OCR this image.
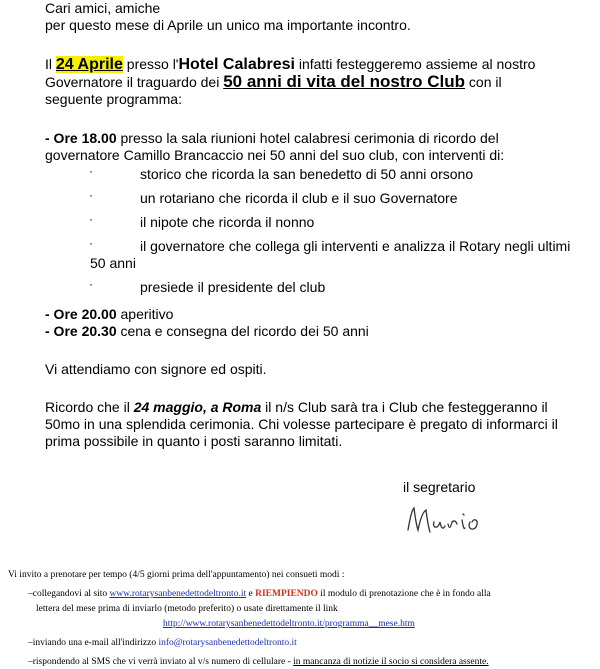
Cari amici, amiche
per questo mese di Aprile un unico ma importante incontro.
Il 24 Aprile presso l'Hotel Calabresi infatti festeggeremo assieme al nostro
Governatore il traguardo dei 50 anni di vita del nostro Club con il
seguente programma:
- Ore 18.00 presso la sala riunioni hotel calabresi cerimonia di ricordo del
governatore Camillo Brancaccio nei 50 anni del suo club, con interventi di:
·	storico che ricorda la san benedetto di 50 anni orsono
·	un rotariano che ricorda il club e il suo Governatore
·	il nipote che ricorda il nonno
·	il governatore che collega gli interventi e analizza il Rotary negli ultimi
50 anni
·	presiede il presidente del club
- Ore 20.00 aperitivo
- Ore 20.30 cena e consegna del ricordo dei 50 anni
Vi attendiamo con signore ed ospiti.
Ricordo che il 24 maggio, a Roma il n/s Club sarà tra i Club che festeggeranno il
50mo in una splendida cerimonia. Chi volesse partecipare è pregato di informarci il
prima possibile in quanto i posti saranno limitati.
il segretario
Vi invito a prenotare per tempo (4/5 giorni prima dell'appuntamento) nei consueti modi :
–collegandovi al sito www.rotarysanbenedettodeltronto.it e RIEMPIENDO il modulo di prenotazione che è in fondo alla
lettera del mese prima di inviarlo (metodo preferito) o usate direttamente il link
http://www.rotarysanbenedettodeltronto.it/programma__mese.htm
–inviando una e-mail all'indirizzo info@rotarysanbenedettodeltronto.it
–rispondendo al SMS che vi verrà inviato al v/s numero di cellulare - in mancanza di notizie il socio si considera assente.
